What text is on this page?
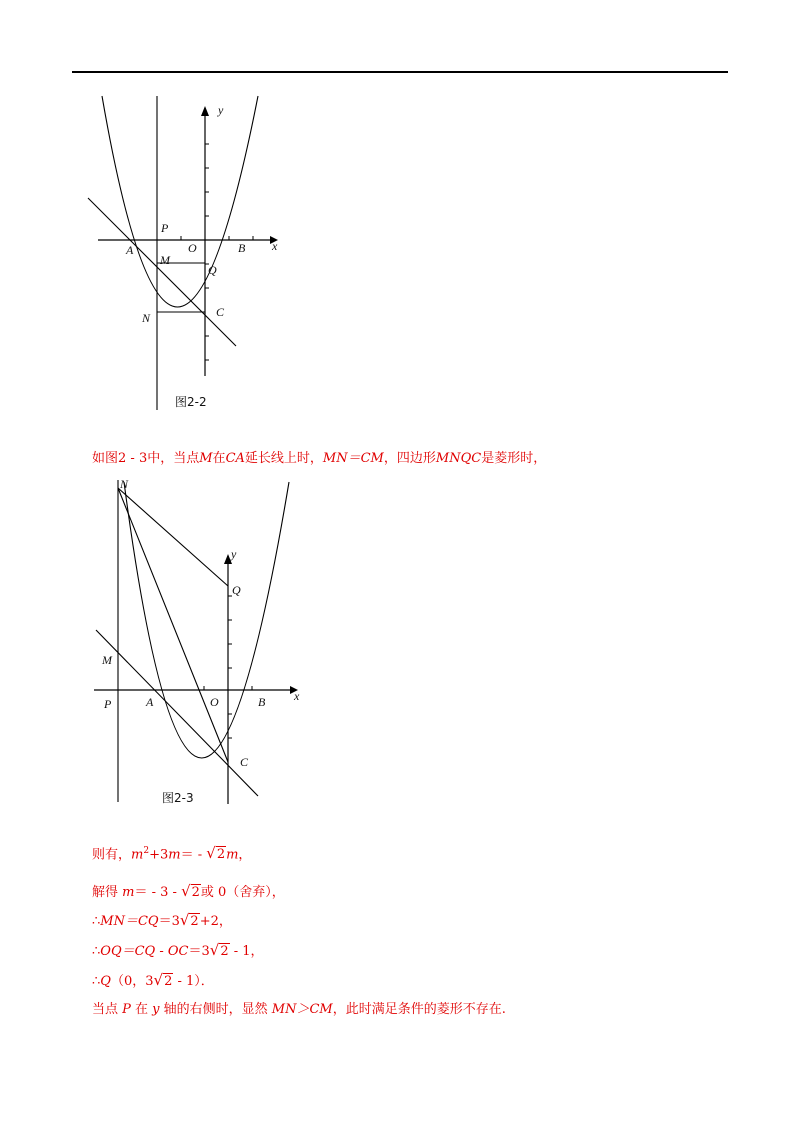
y
x
P
A	O	B
M
Q
N	C
图2-2
如图2 - 3中，当点M在CA延长线上时，MN＝CM，四边形MNQC是菱形时，
N
y
Q
M
x
P	A	O	B
C
图2-3
则有，$m^2+3m= - √2m$，
解得 m＝ - 3 - √2或 0（舍弃），
∴MN＝CQ＝3√2+2，
∴OQ＝CQ - OC＝3√2 - 1，
∴Q（0，3√2 - 1）．
当点 P 在 y 轴的右侧时，显然 MN＞CM，此时满足条件的菱形不存在.
